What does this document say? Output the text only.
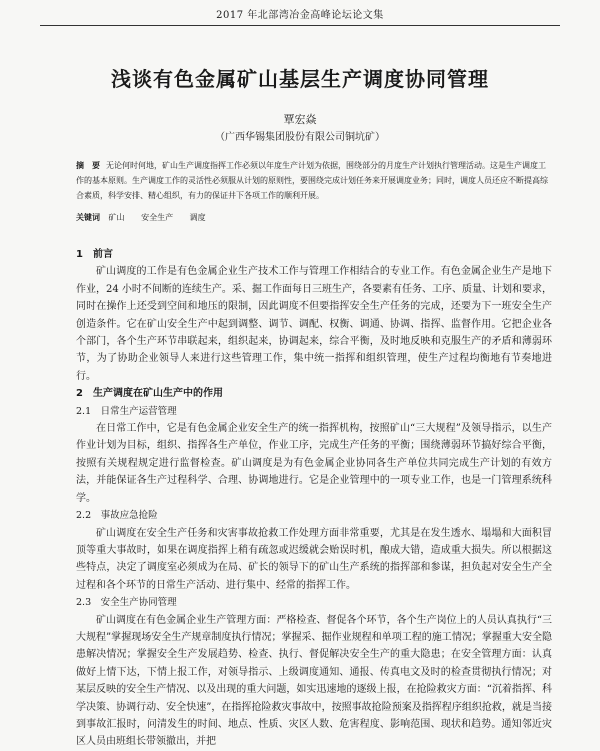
2017 年北部湾冶金高峰论坛论文集
浅谈有色金属矿山基层生产调度协同管理
覃宏焱
（广西华锡集团股份有限公司铜坑矿）
摘　要 无论何时何地，矿山生产调度指挥工作必须以年度生产计划为依据，围绕部分的月度生产计划执行管理活动。这是生产调度工作的基本原则。生产调度工作的灵活性必须服从计划的原则性，要围绕完成计划任务来开展调度业务；同时，调度人员还应不断提高综合素质，科学安排、精心组织，有力的保证井下各项工作的顺利开展。
关键词 矿山 安全生产 调度
1　前言

矿山调度的工作是有色金属企业生产技术工作与管理工作相结合的专业工作。有色金属企业生产是地下作业，24 小时不间断的连续生产。采、掘工作面每日三班生产，各要素有任务、工序、质量、计划和要求，同时在操作上还受到空间和地压的限制，因此调度不但要指挥安全生产任务的完成，还要为下一班安全生产创造条件。它在矿山安全生产中起到调整、调节、调配、权衡、调通、协调、指挥、监督作用。它把企业各个部门，各个生产环节串联起来，组织起来，协调起来，综合平衡，及时地反映和克服生产的矛盾和薄弱环节，为了协助企业领导人来进行这些管理工作，集中统一指挥和组织管理，使生产过程均衡地有节奏地进行。

2　生产调度在矿山生产中的作用
2.1　日常生产运营管理

在日常工作中，它是有色金属企业安全生产的统一指挥机构，按照矿山“三大规程”及领导指示，以生产作业计划为目标，组织、指挥各生产单位，作业工序，完成生产任务的平衡；围绕薄弱环节搞好综合平衡，按照有关规程规定进行监督检查。矿山调度是为有色金属企业协同各生产单位共同完成生产计划的有效方法，并能保证各生产过程科学、合理、协调地进行。它是企业管理中的一项专业工作，也是一门管理系统科学。

2.2　事故应急抢险

矿山调度在安全生产任务和灾害事故抢救工作处理方面非常重要，尤其是在发生透水、塌塌和大面积冒顶等重大事故时，如果在调度指挥上稍有疏忽或迟缓就会贻误时机，酿成大错，造成重大损失。所以根据这些特点，决定了调度室必须成为在局、矿长的领导下的矿山生产系统的指挥部和参谋，担负起对安全生产全过程和各个环节的日常生产活动、进行集中、经常的指挥工作。

2.3　安全生产协同管理

矿山调度在有色金属企业生产管理方面：严格检查、督促各个环节，各个生产岗位上的人员认真执行“三大规程”掌握现场安全生产规章制度执行情况；掌握采、掘作业规程和单项工程的施工情况；掌握重大安全隐患解决情况；掌握安全生产发展趋势、检查、执行、督促解决安全生产的重大隐患；在安全管理方面：认真做好上情下达，下情上报工作，对领导指示、上级调度通知、通报、传真电文及时的检查贯彻执行情况；对某层反映的安全生产情况、以及出现的重大问题，如实迅速地的逐级上报，在抢险救灾方面：“沉着指挥、科学决策、协调行动、安全快速”，在指挥抢险救灾事故中，按照事故抢险预案及指挥程序组织抢救，就是当接到事故汇报时，问清发生的时间、地点、性质、灾区人数、危害程度、影响范围、现状和趋势。通知邻近灾区人员由班组长带领撤出，并把
